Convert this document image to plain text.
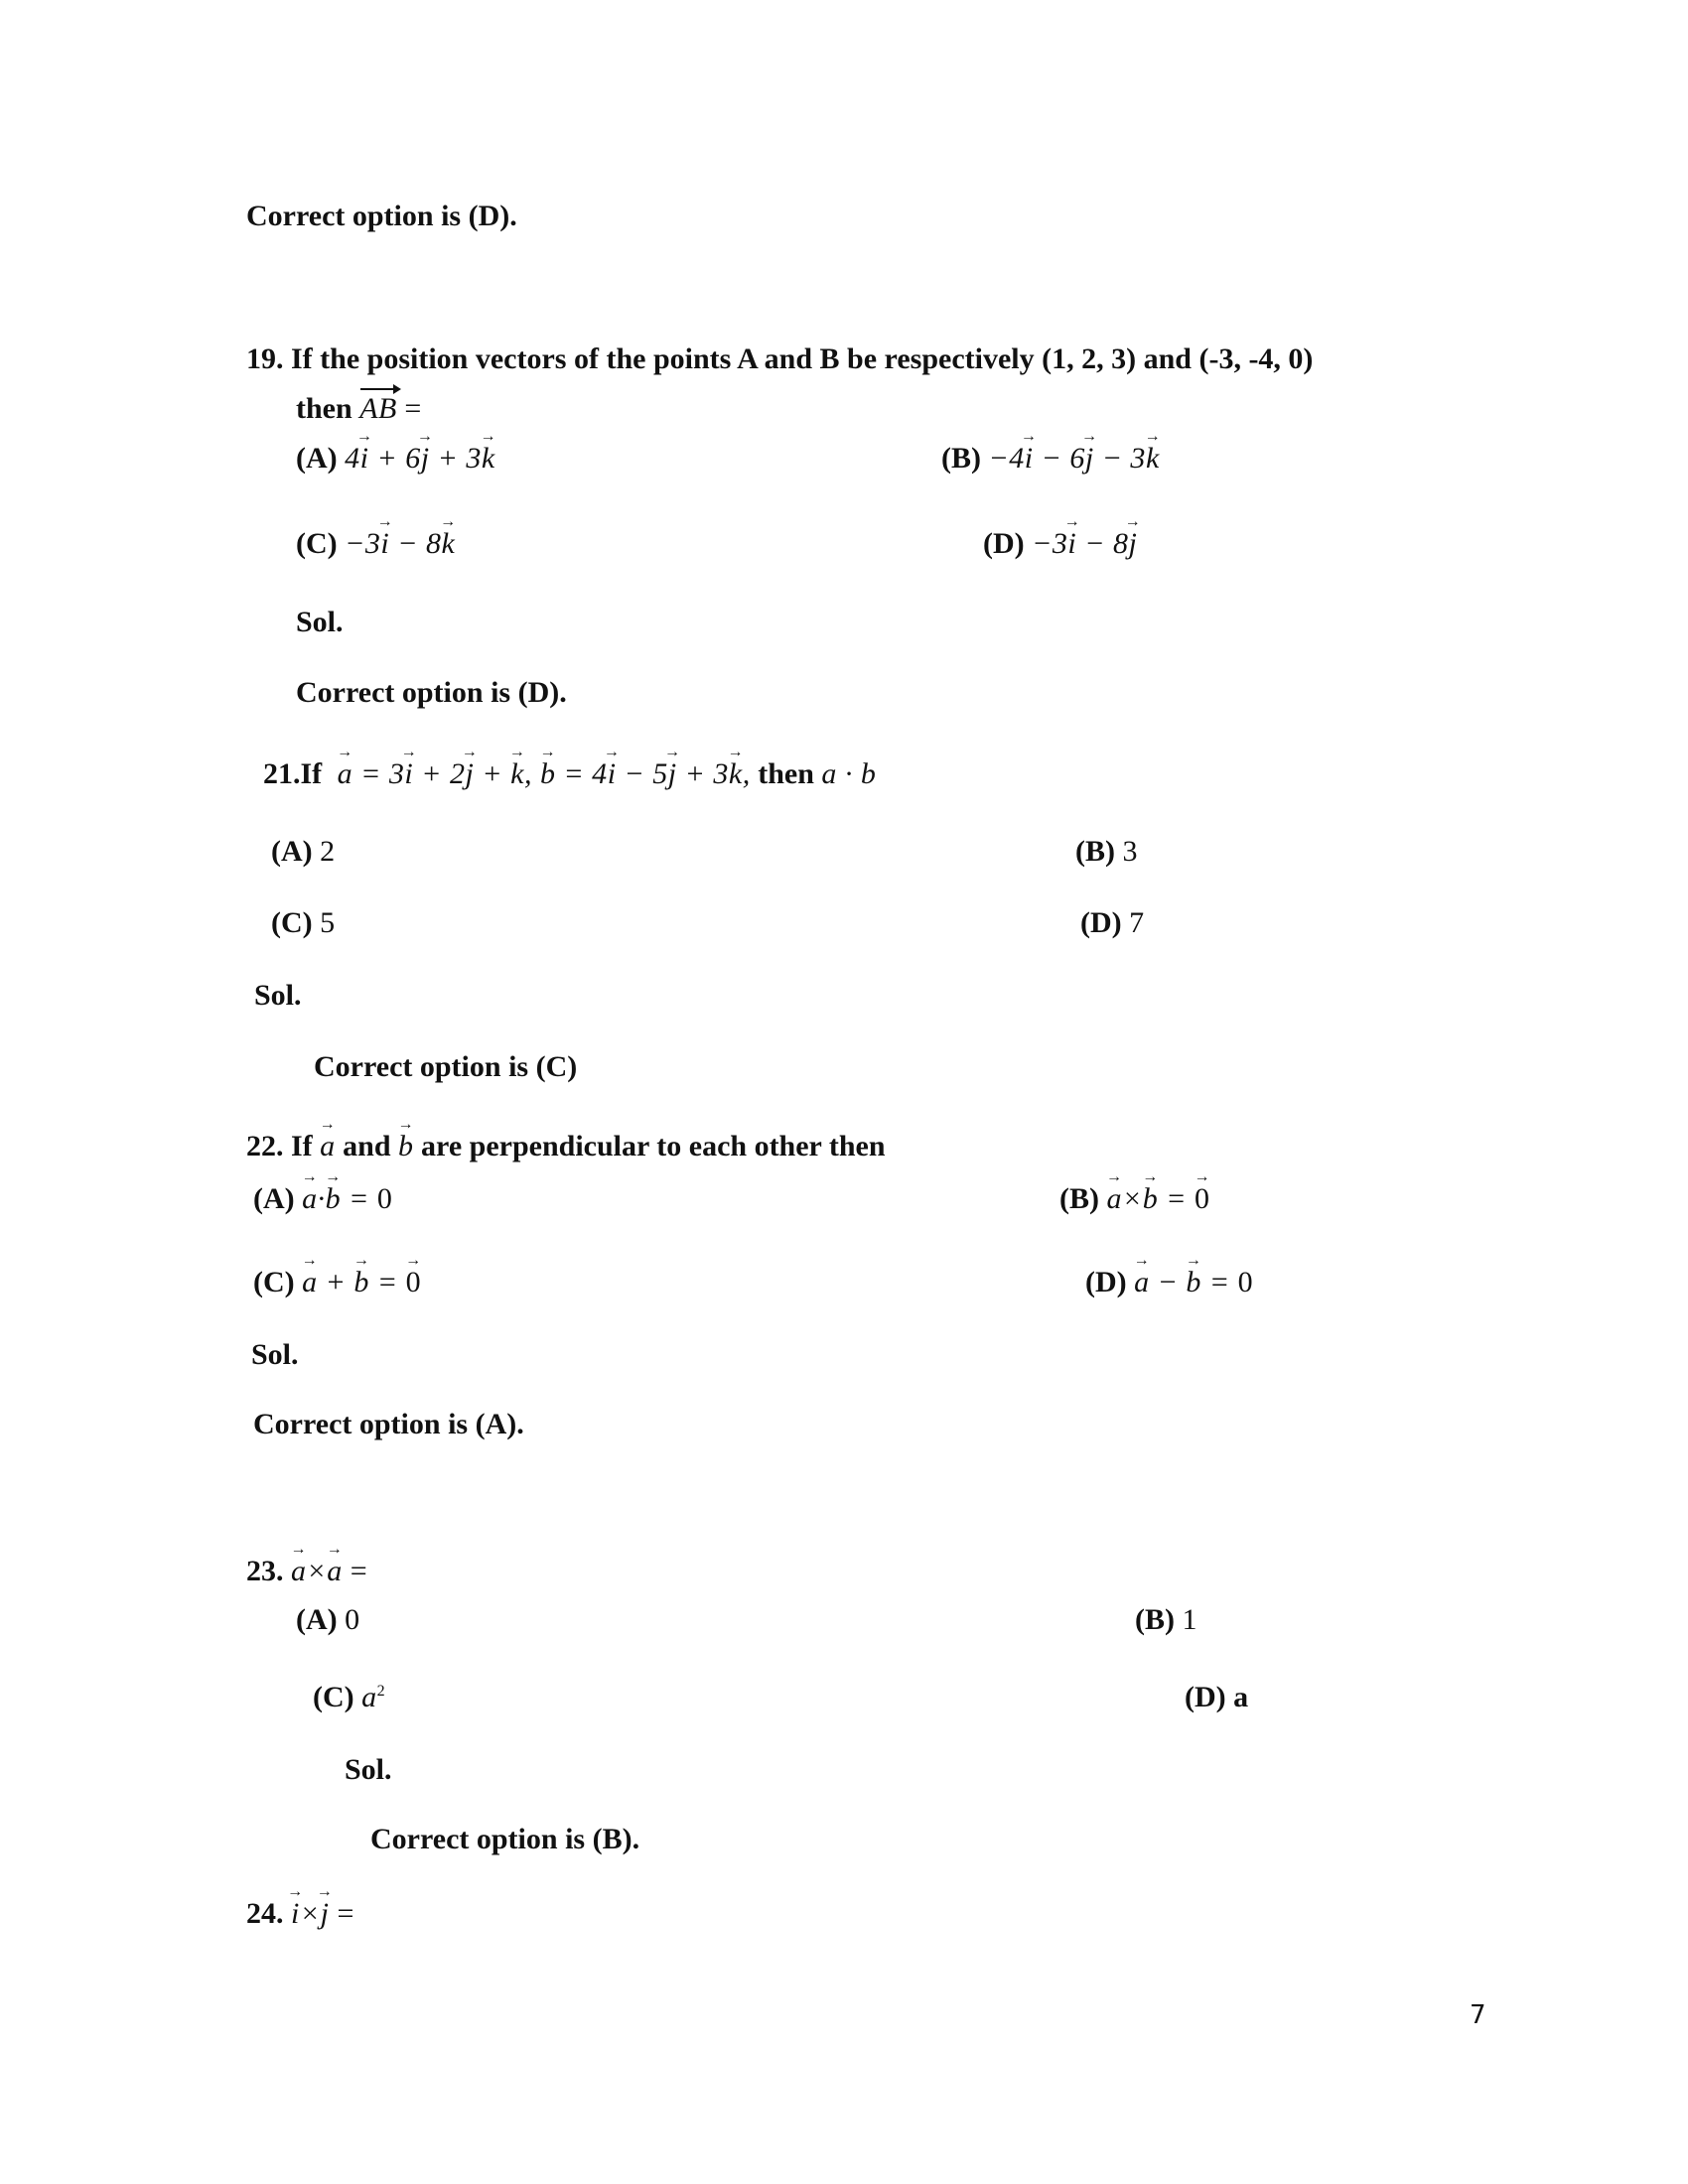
Correct option is (D).
19. If the position vectors of the points A and B be respectively (1, 2, 3) and (-3, -4, 0)
then AB =
(A) 4→ i + 6→ j + 3→ k	(B) −4→ i − 6→ j − 3→ k
(C) −3→ i − 8→ k	(D) −3→ i − 8→ j
Sol.
Correct option is (D).
21.If → a = 3→ i + 2→ j + → k, → b = 4→ i − 5→ j + 3→ k, then a · b
(A) 2	(B) 3
(C) 5	(D) 7
Sol.
Correct option is (C)
22. If → a and → b are perpendicular to each other then
(A) → a·→ b = 0	(B) → a×→ b = → 0
(C) → a + → b = → 0	(D) → a − → b = 0
Sol.
Correct option is (A).
23. → a×→ a =
(A) 0	(B) 1
(C) $a^2$	(D) a
Sol.
Correct option is (B).
24. → i×→ j =
7
